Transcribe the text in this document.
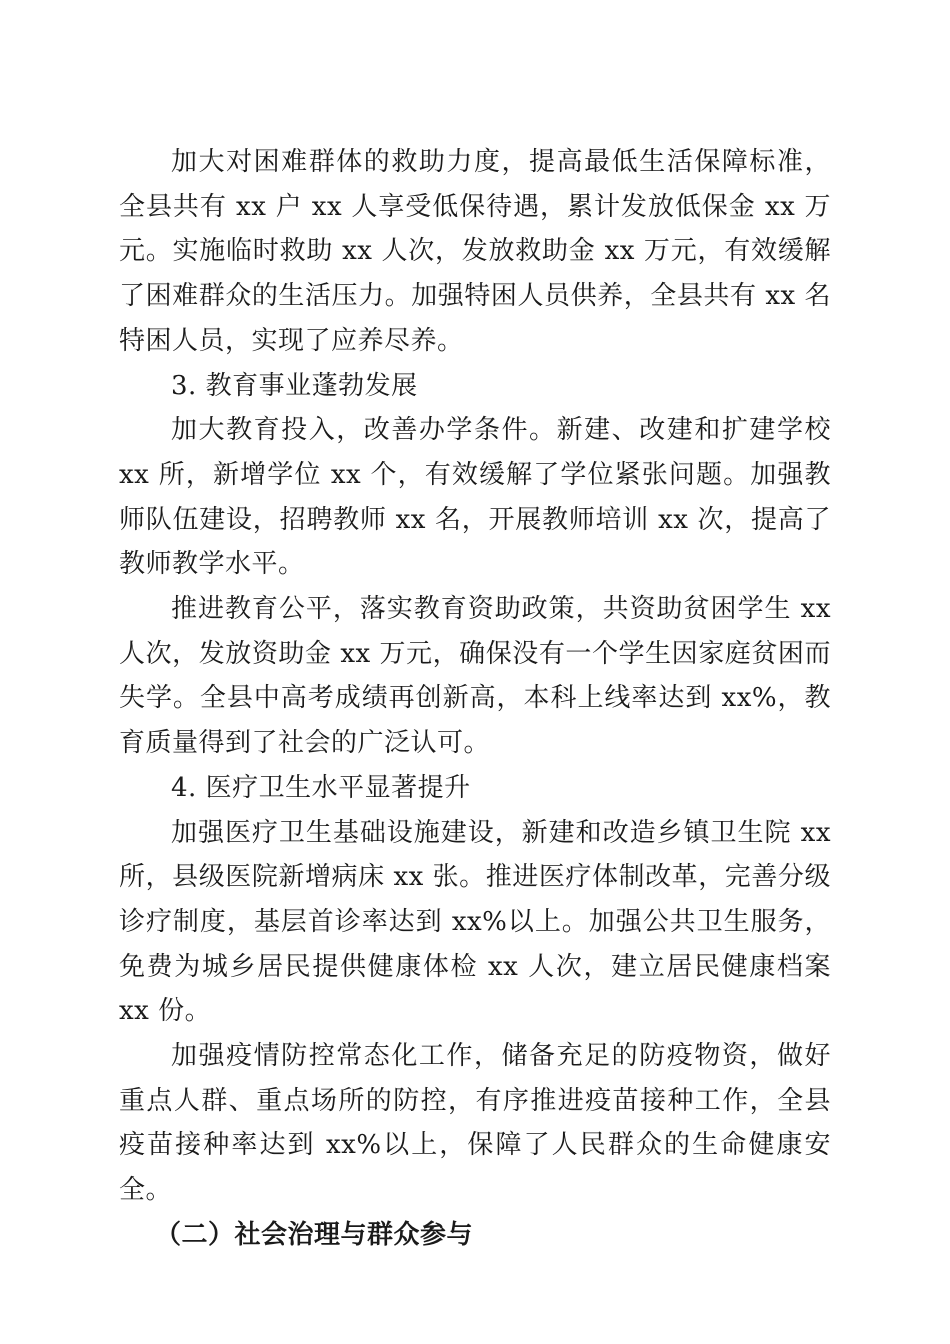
加大对困难群体的救助力度，提高最低生活保障标准，全县共有 xx 户 xx 人享受低保待遇，累计发放低保金 xx 万元。实施临时救助 xx 人次，发放救助金 xx 万元，有效缓解了困难群众的生活压力。加强特困人员供养，全县共有 xx 名特困人员，实现了应养尽养。

3. 教育事业蓬勃发展

加大教育投入，改善办学条件。新建、改建和扩建学校 xx 所，新增学位 xx 个，有效缓解了学位紧张问题。加强教师队伍建设，招聘教师 xx 名，开展教师培训 xx 次，提高了教师教学水平。

推进教育公平，落实教育资助政策，共资助贫困学生 xx 人次，发放资助金 xx 万元，确保没有一个学生因家庭贫困而失学。全县中高考成绩再创新高，本科上线率达到 xx%，教育质量得到了社会的广泛认可。

4. 医疗卫生水平显著提升

加强医疗卫生基础设施建设，新建和改造乡镇卫生院 xx 所，县级医院新增病床 xx 张。推进医疗体制改革，完善分级诊疗制度，基层首诊率达到 xx%以上。加强公共卫生服务，免费为城乡居民提供健康体检 xx 人次，建立居民健康档案 xx 份。

加强疫情防控常态化工作，储备充足的防疫物资，做好重点人群、重点场所的防控，有序推进疫苗接种工作，全县疫苗接种率达到 xx%以上，保障了人民群众的生命健康安全。

（二）社会治理与群众参与
